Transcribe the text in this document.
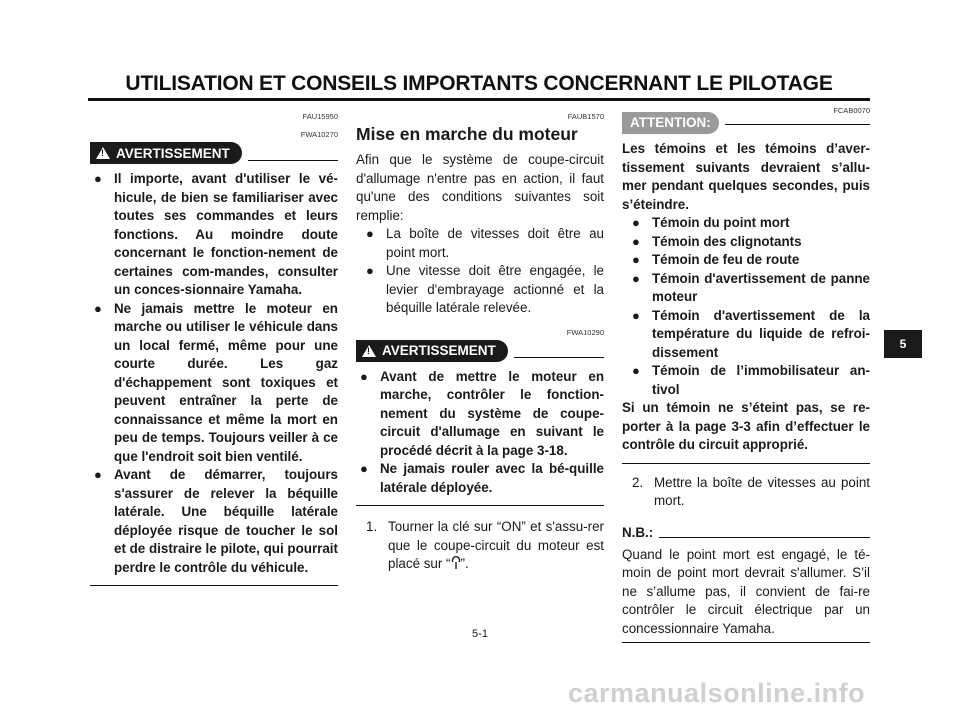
UTILISATION ET CONSEILS IMPORTANTS CONCERNANT LE PILOTAGE

FAU15950

FWA10270

!
AVERTISSEMENT
● Il importe, avant d'utiliser le vé-hicule, de bien se familiariser avec toutes ses commandes et leurs fonctions. Au moindre doute concernant le fonction-nement de certaines com-mandes, consulter un conces-sionnaire Yamaha.
● Ne jamais mettre le moteur en marche ou utiliser le véhicule dans un local fermé, même pour une courte durée. Les gaz d'échappement sont toxiques et peuvent entraîner la perte de connaissance et même la mort en peu de temps. Toujours veiller à ce que l'endroit soit bien ventilé.
● Avant de démarrer, toujours s'assurer de relever la béquille latérale. Une béquille latérale déployée risque de toucher le sol et de distraire le pilote, qui pourrait perdre le contrôle du véhicule.

FAUB1570

Mise en marche du moteur

Afin que le système de coupe-circuit d'allumage n'entre pas en action, il faut qu'une des conditions suivantes soit remplie:

● La boîte de vitesses doit être au point mort.
● Une vitesse doit être engagée, le levier d'embrayage actionné et la béquille latérale relevée.

FWA10290

!
AVERTISSEMENT
● Avant de mettre le moteur en marche, contrôler le fonction-nement du système de coupe-circuit d'allumage en suivant le procédé décrit à la page 3-18.
● Ne jamais rouler avec la bé-quille latérale déployée.
1. Tourner la clé sur “ON” et s'assu-rer que le coupe-circuit du moteur est placé sur “ ”.
ATTENTION:

FCAB0070

Les témoins et les témoins d’aver-tissement suivants devraient s’allu-mer pendant quelques secondes, puis s’éteindre.

● Témoin du point mort
● Témoin des clignotants
● Témoin de feu de route
● Témoin d'avertissement de panne moteur
● Témoin d'avertissement de la température du liquide de refroi-dissement
● Témoin de l’immobilisateur an-tivol

Si un témoin ne s’éteint pas, se re-porter à la page 3-3 afin d’effectuer le contrôle du circuit approprié.

2. Mettre la boîte de vitesses au point mort.
N.B.:

Quand le point mort est engagé, le té-moin de point mort devrait s'allumer. S’il ne s’allume pas, il convient de fai-re contrôler le circuit électrique par un concessionnaire Yamaha.

5
5-1
carmanualsonline.info
